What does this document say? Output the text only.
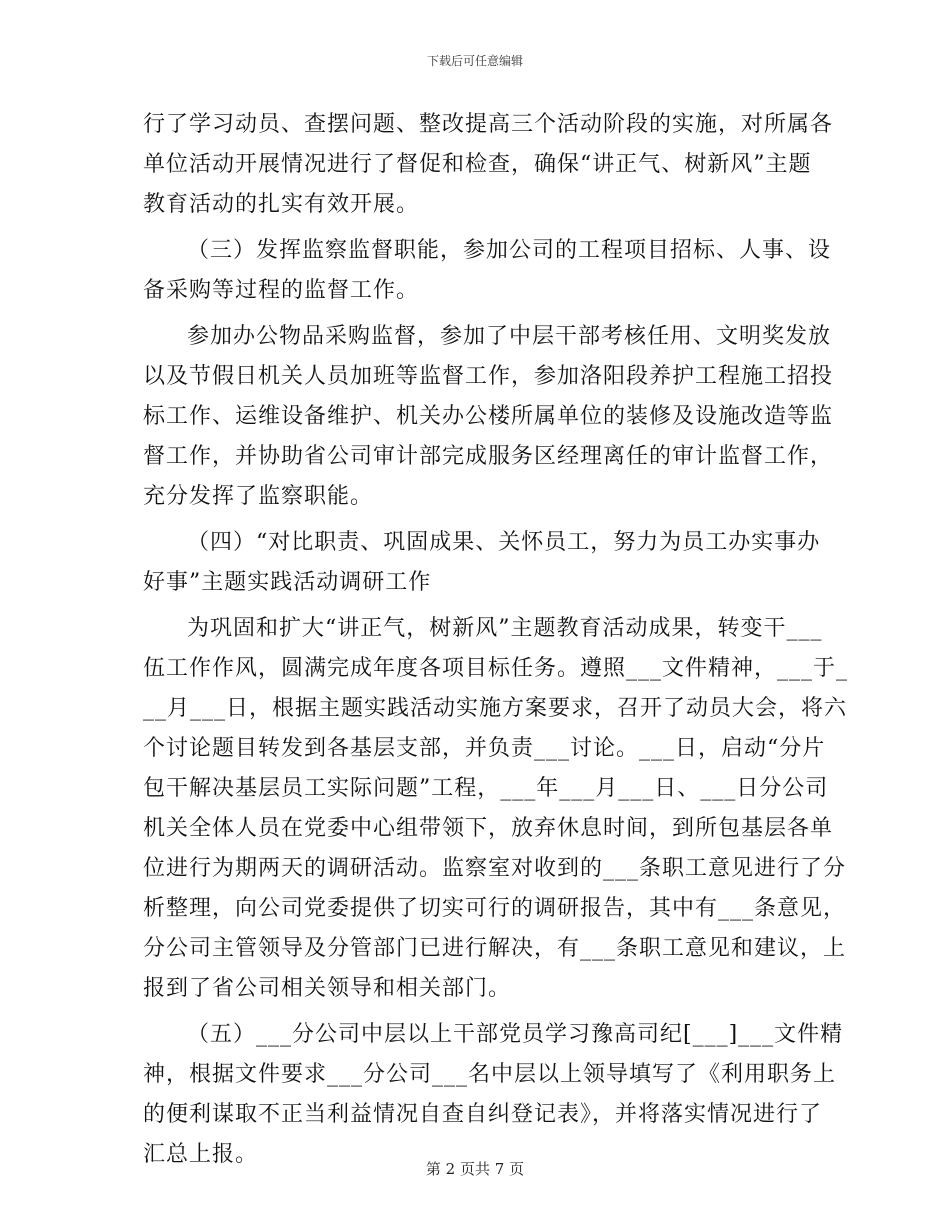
下载后可任意编辑
行了学习动员、查摆问题、整改提高三个活动阶段的实施，对所属各
单位活动开展情况进行了督促和检查，确保“讲正气、树新风”主题
教育活动的扎实有效开展。
（三）发挥监察监督职能，参加公司的工程项目招标、人事、设
备采购等过程的监督工作。
参加办公物品采购监督，参加了中层干部考核任用、文明奖发放
以及节假日机关人员加班等监督工作，参加洛阳段养护工程施工招投
标工作、运维设备维护、机关办公楼所属单位的装修及设施改造等监
督工作，并协助省公司审计部完成服务区经理离任的审计监督工作，
充分发挥了监察职能。
（四）“对比职责、巩固成果、关怀员工，努力为员工办实事办
好事”主题实践活动调研工作
为巩固和扩大“讲正气，树新风”主题教育活动成果，转变干___
伍工作作风，圆满完成年度各项目标任务。遵照___文件精神，___于_
__月___日，根据主题实践活动实施方案要求，召开了动员大会，将六
个讨论题目转发到各基层支部，并负责___讨论。___日，启动“分片
包干解决基层员工实际问题”工程，___年___月___日、___日分公司
机关全体人员在党委中心组带领下，放弃休息时间，到所包基层各单
位进行为期两天的调研活动。监察室对收到的___条职工意见进行了分
析整理，向公司党委提供了切实可行的调研报告，其中有___条意见，
分公司主管领导及分管部门已进行解决，有___条职工意见和建议，上
报到了省公司相关领导和相关部门。
（五）___分公司中层以上干部党员学习豫高司纪[___]___文件精
神，根据文件要求___分公司___名中层以上领导填写了《利用职务上
的便利谋取不正当利益情况自查自纠登记表》，并将落实情况进行了
汇总上报。
第 2 页共 7 页
